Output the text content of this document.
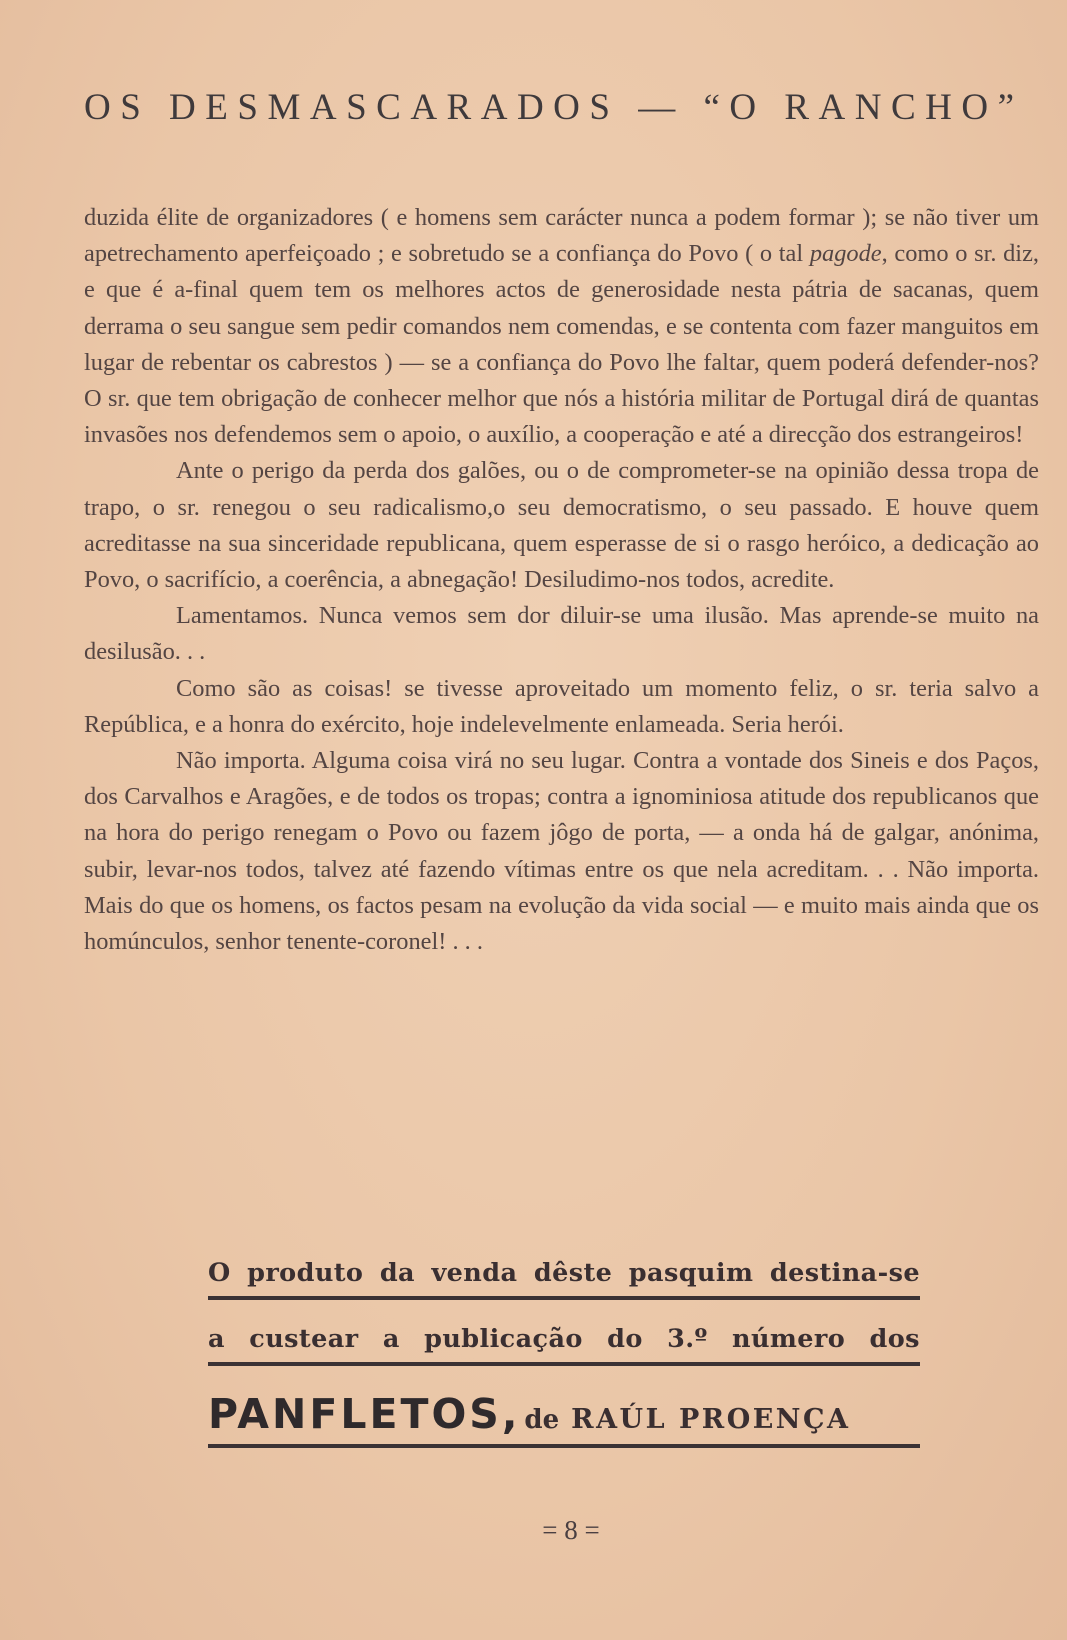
OS DESMASCARADOS — “O RANCHO”

duzida élite de organizadores ( e homens sem carácter nunca a podem formar ); se não tiver um apetrechamento aperfeiçoado ; e sobretudo se a confiança do Povo ( o tal pagode, como o sr. diz, e que é a-final quem tem os melhores actos de generosidade nesta pátria de sacanas, quem derrama o seu sangue sem pedir comandos nem comendas, e se contenta com fazer manguitos em lugar de rebentar os cabrestos ) — se a confiança do Povo lhe faltar, quem poderá defender-nos? O sr. que tem obrigação de conhecer melhor que nós a história militar de Portugal dirá de quantas invasões nos defendemos sem o apoio, o auxílio, a cooperação e até a direcção dos estrangeiros!

Ante o perigo da perda dos galões, ou o de comprometer-se na opinião dessa tropa de trapo, o sr. renegou o seu radicalismo,o seu democratismo, o seu passado. E houve quem acreditasse na sua sinceridade republicana, quem esperasse de si o rasgo heróico, a dedicação ao Povo, o sacrifício, a coerência, a abnegação! Desiludimo-nos todos, acredite.

Lamentamos. Nunca vemos sem dor diluir-se uma ilusão. Mas aprende-se muito na desilusão. . .

Como são as coisas! se tivesse aproveitado um momento feliz, o sr. teria salvo a República, e a honra do exército, hoje indelevelmente enlameada. Seria herói.

Não importa. Alguma coisa virá no seu lugar. Contra a vontade dos Sineis e dos Paços, dos Carvalhos e Aragões, e de todos os tropas; contra a ignominiosa atitude dos republicanos que na hora do perigo renegam o Povo ou fazem jôgo de porta, — a onda há de galgar, anónima, subir, levar-nos todos, talvez até fazendo vítimas entre os que nela acreditam. . . Não importa. Mais do que os homens, os factos pesam na evolução da vida social — e muito mais ainda que os homúnculos, senhor tenente-coronel! . . .

O produto da venda dêste pasquim destina-se
a custear a publicação do 3.º número dos
PANFLETOS , de RAÚL PROENÇA
= 8 =
